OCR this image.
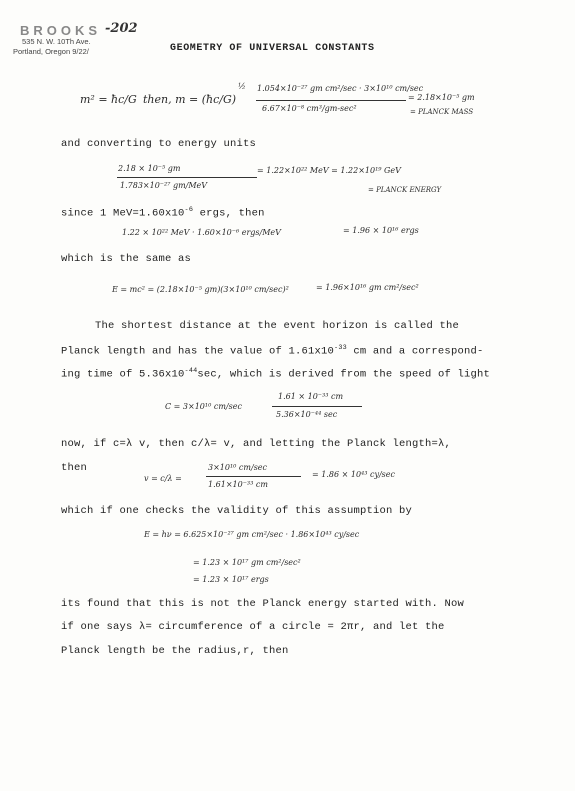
BROOKS -202
535 N. W. 10Th Ave.
Portland, Oregon 9/22/	GEOMETRY OF UNIVERSAL CONSTANTS
m² = ħc/G then, m = (ħc/G)
½ 1.054×10⁻²⁷ gm cm²/sec · 3×10¹⁰ cm/sec
6.67×10⁻⁸ cm³/gm-sec²
= 2.18×10⁻⁵ gm
= PLANCK MASS
and converting to energy units
2.18 × 10⁻⁵ gm
1.783×10⁻²⁷ gm/MeV
= 1.22×10²² MeV = 1.22×10¹⁹ GeV
= PLANCK ENERGY
since 1 $MeV=1.60x10^{-6}$ ergs, then
1.22 × 10²² MeV · 1.60×10⁻⁶ ergs/MeV	= 1.96 × 10¹⁶ ergs
which is the same as
E = mc² = (2.18×10⁻⁵ gm)(3×10¹⁰ cm/sec)²	= 1.96×10¹⁶ gm cm²/sec²
The shortest distance at the event horizon is called the
Planck length and has the value of $1.61x10^{-33}$ cm and a correspond-
ing time of $5.36x10^{-44}\sec$, which is derived from the speed of light
C = 3×10¹⁰ cm/sec
1.61 × 10⁻³³ cm
5.36×10⁻⁴⁴ sec
now, if c=λ v, then c/λ= v, and letting the Planck length=λ,
then
v = c/λ =
3×10¹⁰ cm/sec
1.61×10⁻³³ cm
= 1.86 × 10⁴³ cy/sec
which if one checks the validity of this assumption by
E = hν = 6.625×10⁻²⁷ gm cm²/sec · 1.86×10⁴³ cy/sec
= 1.23 × 10¹⁷ gm cm²/sec²
= 1.23 × 10¹⁷ ergs
its found that this is not the Planck energy started with. Now
if one says λ= circumference of a circle = 2πr, and let the
Planck length be the radius,r, then
